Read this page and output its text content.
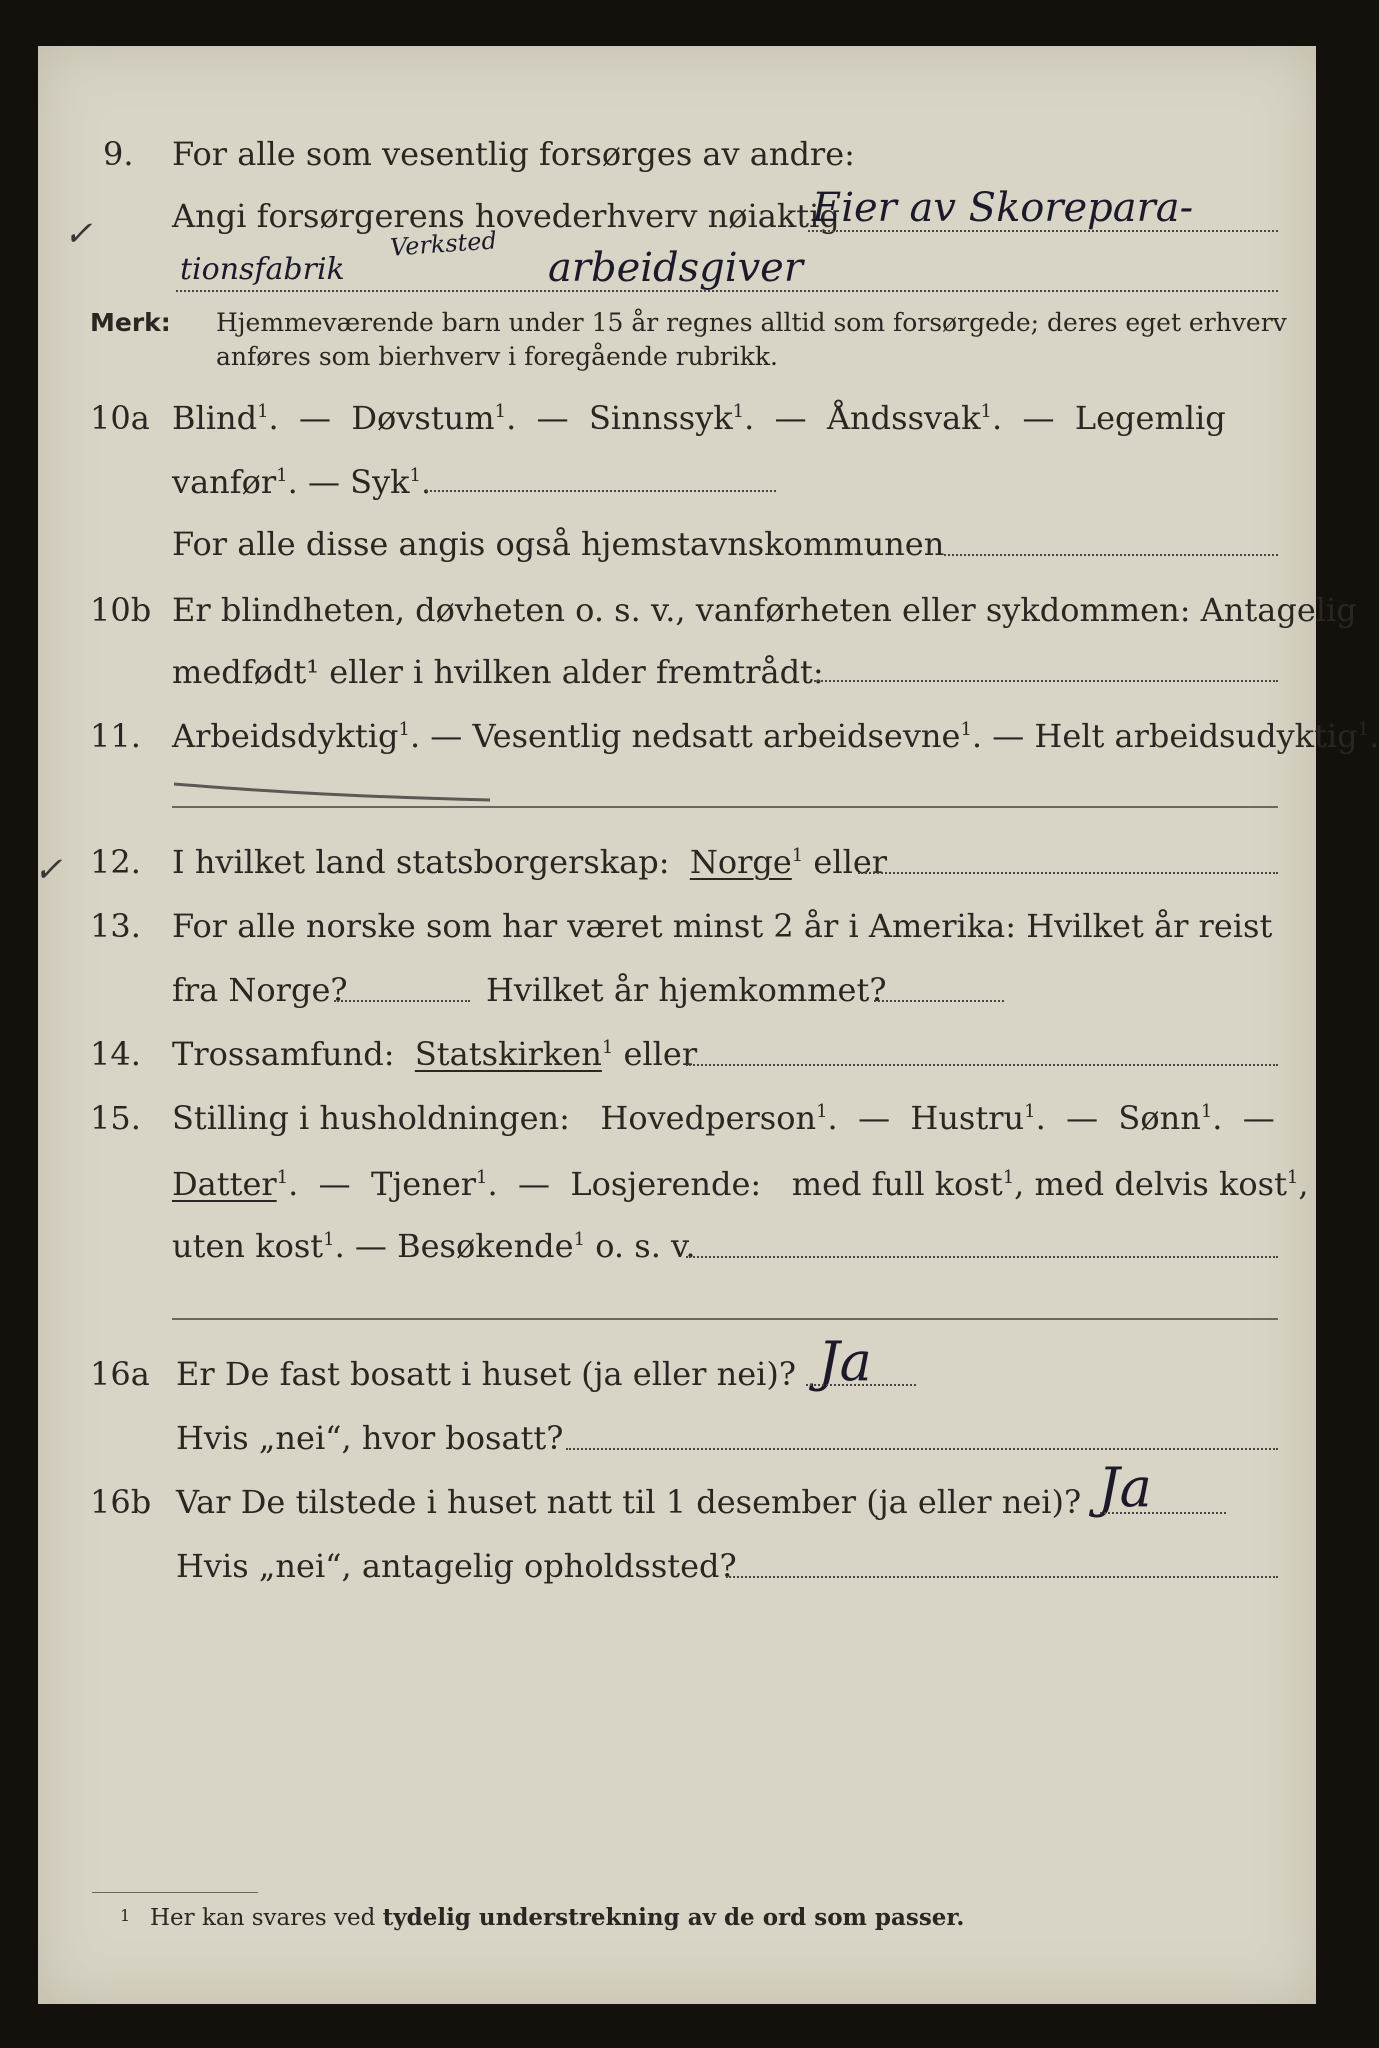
9. For alle som vesentlig forsørges av andre:
✓ Angi forsørgerens hovederhverv nøiaktig
Eier av Skorepara-
tionsfabrik
Verksted
arbeidsgiver
Merk: Hjemmeværende barn under 15 år regnes alltid som forsørgede; deres eget erhverv
anføres som bierhverv i foregående rubrikk.
10a Blind$^1$.  —  Døvstum$^1$.  —  Sinnssyk$^1$.  —  Åndssvak$^1$.  —  Legemlig
vanfør$^1$. — Syk$^1$.
For alle disse angis også hjemstavnskommunen
10b Er blindheten, døvheten o. s. v., vanførheten eller sykdommen: Antagelig
medfødt¹ eller i hvilken alder fremtrådt:
11. Arbeidsdyktig$^1$. — Vesentlig nedsatt arbeidsevne$^1$. — Helt arbeidsudyktig$^1$.
✓ 12. I hvilket land statsborgerskap: Norge$^1$ eller
13. For alle norske som har været minst 2 år i Amerika: Hvilket år reist
fra Norge?	Hvilket år hjemkommet?
14. Trossamfund: Statskirken$^1$ eller
15. Stilling i husholdningen: Hovedperson$^1$.  —  Hustru$^1$.  —  Sønn$^1$.  —
Datter$^1$.  —  Tjener$^1$.  —  Losjerende: med full kost$^1$, med delvis kost$^1$,
uten kost$^1$. — Besøkende$^1$ o. s. v.
16a Er De fast bosatt i huset (ja eller nei)? Ja
Hvis „nei“, hvor bosatt?
16b Var De tilstede i huset natt til 1 desember (ja eller nei)? Ja
Hvis „nei“, antagelig opholdssted?
1 Her kan svares ved tydelig understrekning av de ord som passer.
